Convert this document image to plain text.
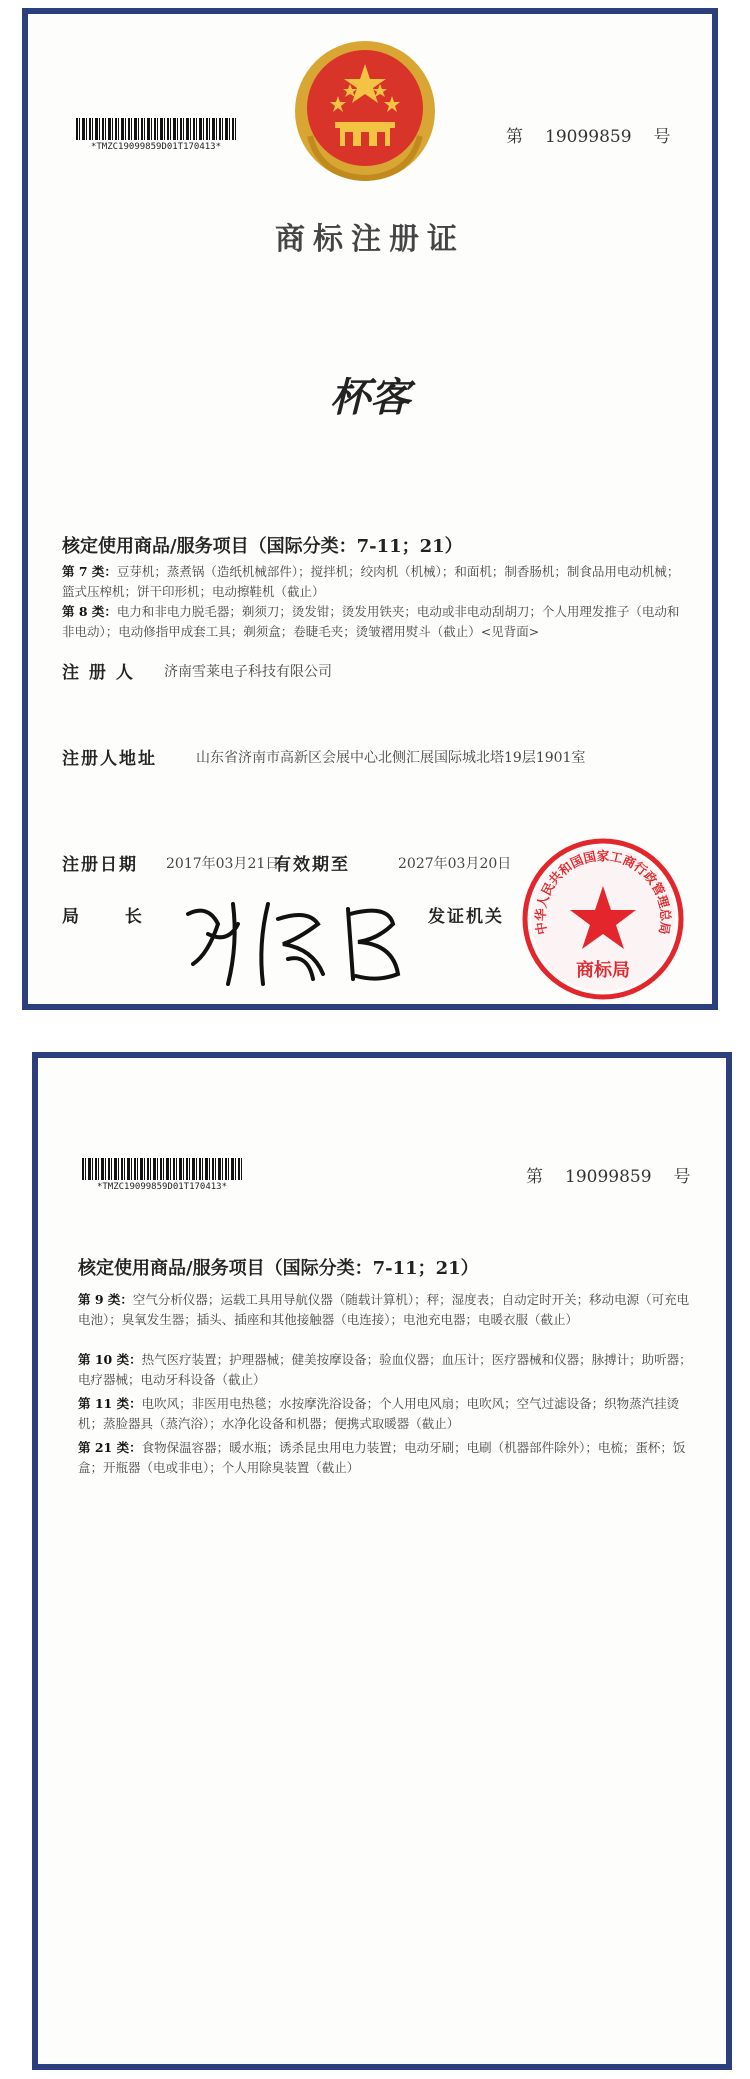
*TMZC19099859D01T170413*	第 19099859 号
商标注册证
杯客
核定使用商品/服务项目（国际分类：7-11；21）
第 7 类：豆芽机；蒸煮锅（造纸机械部件）；搅拌机；绞肉机（机械）；和面机；制香肠机；制食品用电动机械；篮式压榨机；饼干印形机；电动擦鞋机（截止）
第 8 类：电力和非电力脱毛器；剃须刀；烫发钳；烫发用铁夹；电动或非电动刮胡刀；个人用理发推子（电动和非电动）；电动修指甲成套工具；剃须盒；卷睫毛夹；烫皱褶用熨斗（截止）<见背面>
注 册 人 济南雪莱电子科技有限公司
注册人地址	山东省济南市高新区会展中心北侧汇展国际城北塔19层1901室
注册日期 2017年03月21日
有效期至	2027年03月20日
局 长	发证机关
中华人民共和国国家工商行政管理总局
商标局
*TMZC19099859D01T170413*	第 19099859 号
核定使用商品/服务项目（国际分类：7-11；21）
第 9 类：空气分析仪器；运载工具用导航仪器（随载计算机）；秤；湿度表；自动定时开关；移动电源（可充电电池）；臭氧发生器；插头、插座和其他接触器（电连接）；电池充电器；电暖衣服（截止）
第 10 类：热气医疗装置；护理器械；健美按摩设备；验血仪器；血压计；医疗器械和仪器；脉搏计；助听器；电疗器械；电动牙科设备（截止）
第 11 类：电吹风；非医用电热毯；水按摩洗浴设备；个人用电风扇；电吹风；空气过滤设备；织物蒸汽挂烫机；蒸脸器具（蒸汽浴）；水净化设备和机器；便携式取暖器（截止）
第 21 类：食物保温容器；暖水瓶；诱杀昆虫用电力装置；电动牙刷；电刷（机器部件除外）；电梳；蛋杯；饭盒；开瓶器（电或非电）；个人用除臭装置（截止）
